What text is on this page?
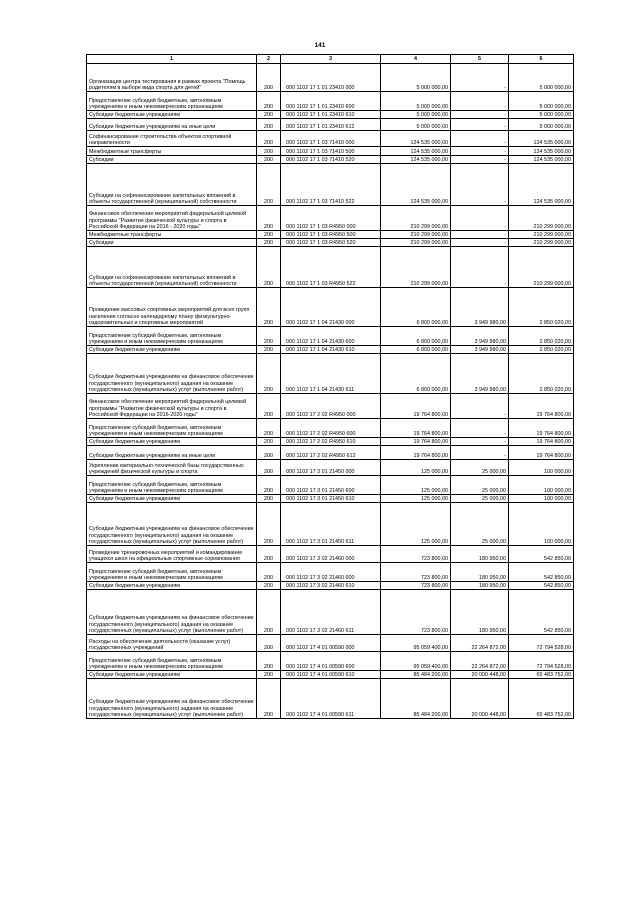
141
1	2	3	4	5	6
Организация центра тестирования в рамках проекта "Помощь родителям в выборе вида спорта для детей"	200	000 1102 17 1 01 23410 000	5 000 000,00	-	5 000 000,00
Предоставление субсидий бюджетным, автономным учреждениям и иным некоммерческим организациям	200	000 1102 17 1 01 23410 600	5 000 000,00	-	5 000 000,00
Субсидии бюджетным учреждениям	200	000 1102 17 1 01 23410 610	5 000 000,00	-	5 000 000,00
Субсидии бюджетным учреждениям на иные цели	200	000 1102 17 1 01 23410 612	5 000 000,00	-	5 000 000,00
Софинансирование строительства объектов спортивной направленности	200	000 1102 17 1 03 71410 000	124 535 000,00	-	124 535 000,00
Межбюджетные трансферты	200	000 1102 17 1 03 71410 500	124 535 000,00	-	124 535 000,00
Субсидии	200	000 1102 17 1 03 71410 520	124 535 000,00	-	124 535 000,00
Субсидии на софинансирование капитальных вложений в объекты государственной (муниципальной) собственности	200	000 1102 17 1 03 71410 522	124 535 000,00	-	124 535 000,00
Финансовое обеспечение мероприятий федеральной целевой программы "Развитие физической культуры и спорта в Российской Федерации на 2016 - 2020 годы"	200	000 1102 17 1 03 R4950 000	210 299 000,00	-	210 299 000,00
Межбюджетные трансферты	200	000 1102 17 1 03 R4950 500	210 299 000,00	-	210 299 000,00
Субсидии	200	000 1102 17 1 03 R4950 520	210 299 000,00	-	210 299 000,00
Субсидии на софинансирование капитальных вложений в объекты государственной (муниципальной) собственности	200	000 1102 17 1 03 R4950 522	210 299 000,00	-	210 299 000,00
Проведение массовых спортивных мероприятий для всех групп населения согласно календарному плану физкультурно-оздоровительных и спортивных мероприятий	200	000 1102 17 1 04 21430 000	6 800 000,00	3 949 980,00	2 850 020,00
Предоставление субсидий бюджетным, автономным учреждениям и иным некоммерческим организациям	200	000 1102 17 1 04 21430 600	6 800 000,00	3 949 980,00	2 850 020,00
Субсидии бюджетным учреждениям	200	000 1102 17 1 04 21430 610	6 800 000,00	3 949 980,00	2 850 020,00
Субсидии бюджетным учреждениям на финансовое обеспечение государственного (муниципального) задания на оказание государственных (муниципальных) услуг (выполнение работ)	200	000 1102 17 1 04 21430 611	6 800 000,00	3 949 980,00	2 850 020,00
Финансовое обеспечение мероприятий федеральной целевой программы "Развитие физической культуры и спорта в Российской Федерации на 2016-2020 годы"	200	000 1102 17 2 02 R4950 000	19 764 800,00	-	19 764 800,00
Предоставление субсидий бюджетным, автономным учреждениям и иным некоммерческим организациям	200	000 1102 17 2 02 R4950 600	19 764 800,00	-	19 764 800,00
Субсидии бюджетным учреждениям	200	000 1102 17 2 02 R4950 610	19 764 800,00	-	19 764 800,00
Субсидии бюджетным учреждениям на иные цели	200	000 1102 17 2 02 R4950 612	19 764 800,00	-	19 764 800,00
Укрепление материально-технической базы государственных учреждений физической культуры и спорта	200	000 1102 17 3 01 21450 000	125 000,00	25 000,00	100 000,00
Предоставление субсидий бюджетным, автономным учреждениям и иным некоммерческим организациям	200	000 1102 17 3 01 21450 600	125 000,00	25 000,00	100 000,00
Субсидии бюджетным учреждениям	200	000 1102 17 3 01 21450 610	125 000,00	25 000,00	100 000,00
Субсидии бюджетным учреждениям на финансовое обеспечение государственного (муниципального) задания на оказание государственных (муниципальных) услуг (выполнение работ)	200	000 1102 17 3 01 21450 611	125 000,00	25 000,00	100 000,00
Проведение тренировочных мероприятий и командирование учащихся школ на официальные спортивные соревнования	200	000 1102 17 3 02 21460 000	723 800,00	180 950,00	542 850,00
Предоставление субсидий бюджетным, автономным учреждениям и иным некоммерческим организациям	200	000 1102 17 3 02 21460 600	723 800,00	180 950,00	542 850,00
Субсидии бюджетным учреждениям	200	000 1102 17 3 02 21460 610	723 800,00	180 950,00	542 850,00
Субсидии бюджетным учреждениям на финансовое обеспечение государственного (муниципального) задания на оказание государственных (муниципальных) услуг (выполнение работ)	200	000 1102 17 3 02 21460 611	723 800,00	180 950,00	542 850,00
Расходы на обеспечение деятельности (оказание услуг) государственных учреждений	200	000 1102 17 4 01 00590 000	95 059 400,00	22 264 872,00	72 794 528,00
Предоставление субсидий бюджетным, автономным учреждениям и иным некоммерческим организациям	200	000 1102 17 4 01 00590 600	95 059 400,00	22 264 872,00	72 794 528,00
Субсидии бюджетным учреждениям	200	000 1102 17 4 01 00590 610	85 484 200,00	20 000 448,00	65 483 752,00
Субсидии бюджетным учреждениям на финансовое обеспечение государственного (муниципального) задания на оказание государственных (муниципальных) услуг (выполнение работ)	200	000 1102 17 4 01 00590 611	85 484 200,00	20 000 448,00	65 483 752,00
